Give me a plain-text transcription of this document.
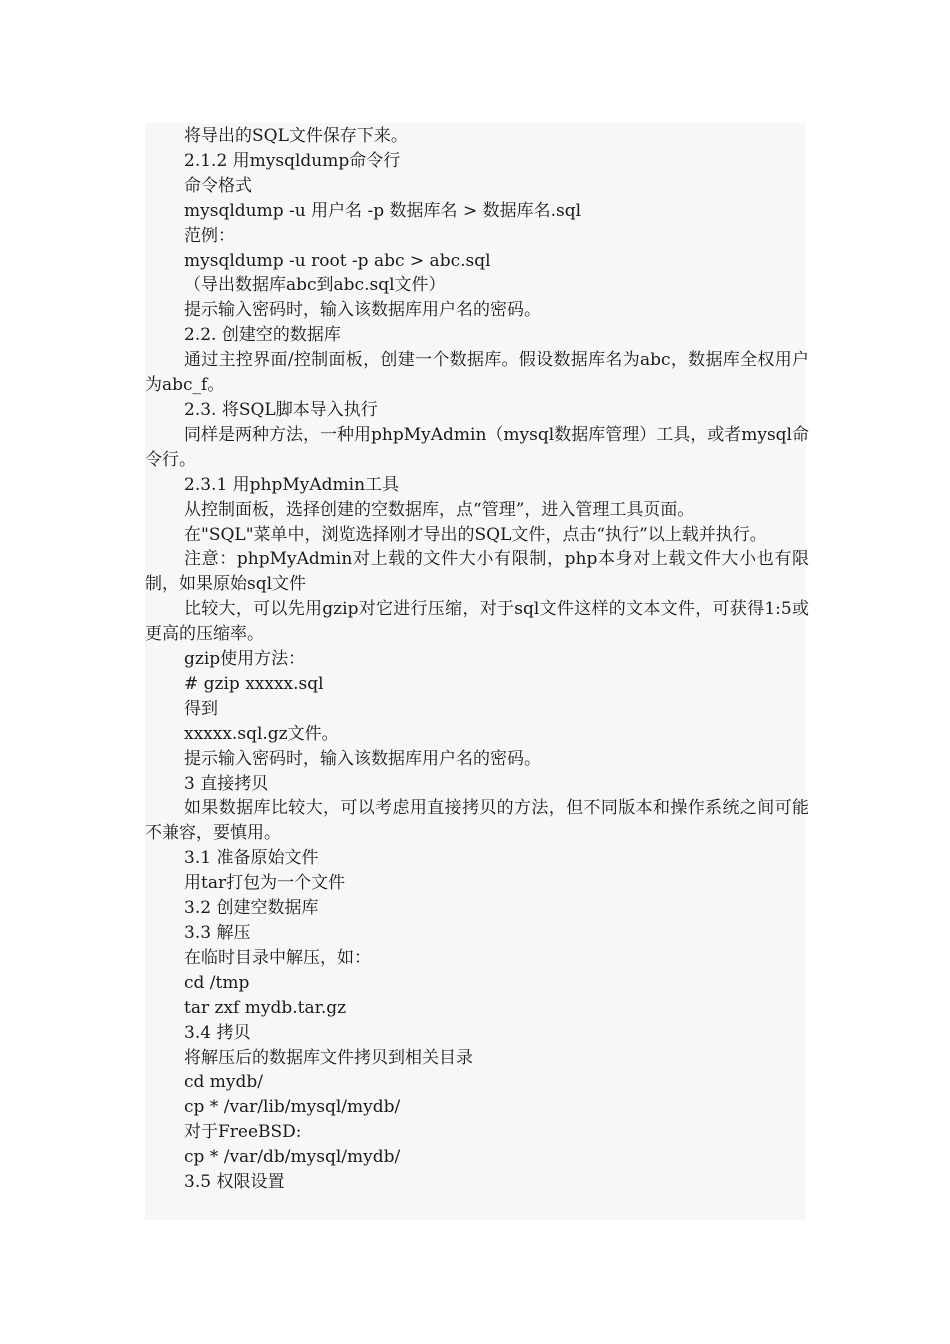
将导出的SQL文件保存下来。

2.1.2 用mysqldump命令行

命令格式

mysqldump -u 用户名 -p 数据库名 > 数据库名.sql

范例：

mysqldump -u root -p abc > abc.sql

（导出数据库abc到abc.sql文件）

提示输入密码时，输入该数据库用户名的密码。

2.2. 创建空的数据库

通过主控界面/控制面板，创建一个数据库。假设数据库名为abc，数据库全权用户为abc_f。

2.3. 将SQL脚本导入执行

同样是两种方法，一种用phpMyAdmin（mysql数据库管理）工具，或者mysql命令行。

2.3.1 用phpMyAdmin工具

从控制面板，选择创建的空数据库，点“管理”，进入管理工具页面。

在"SQL"菜单中，浏览选择刚才导出的SQL文件，点击“执行”以上载并执行。

注意：phpMyAdmin对上载的文件大小有限制，php本身对上载文件大小也有限制，如果原始sql文件

比较大，可以先用gzip对它进行压缩，对于sql文件这样的文本文件，可获得1:5或更高的压缩率。

gzip使用方法：

# gzip xxxxx.sql

得到

xxxxx.sql.gz文件。

提示输入密码时，输入该数据库用户名的密码。

3 直接拷贝

如果数据库比较大，可以考虑用直接拷贝的方法，但不同版本和操作系统之间可能不兼容，要慎用。

3.1 准备原始文件

用tar打包为一个文件

3.2 创建空数据库

3.3 解压

在临时目录中解压，如：

cd /tmp

tar zxf mydb.tar.gz

3.4 拷贝

将解压后的数据库文件拷贝到相关目录

cd mydb/

cp * /var/lib/mysql/mydb/

对于FreeBSD:

cp * /var/db/mysql/mydb/

3.5 权限设置
